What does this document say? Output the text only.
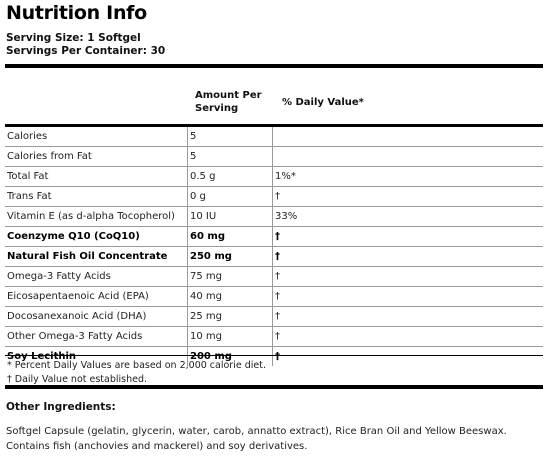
Nutrition Info
Serving Size: 1 Softgel
Servings Per Container: 30
Amount Per Serving
% Daily Value*
Calories	5
Calories from Fat	5
Total Fat	0.5 g	1%*
Trans Fat	0 g	†
Vitamin E (as d-alpha Tocopherol) 10 IU	33%
Coenzyme Q10 (CoQ10)	60 mg	†
Natural Fish Oil Concentrate 250 mg	†
Omega-3 Fatty Acids	75 mg	†
Eicosapentaenoic Acid (EPA)	40 mg	†
Docosanexanoic Acid (DHA)	25 mg	†
Other Omega-3 Fatty Acids	10 mg	†
Soy Lecithin	200 mg	†
* Percent Daily Values are based on 2,000 calorie diet.
† Daily Value not established.
Other Ingredients:
Softgel Capsule (gelatin, glycerin, water, carob, annatto extract), Rice Bran Oil and Yellow Beeswax. Contains fish (anchovies and mackerel) and soy derivatives.
